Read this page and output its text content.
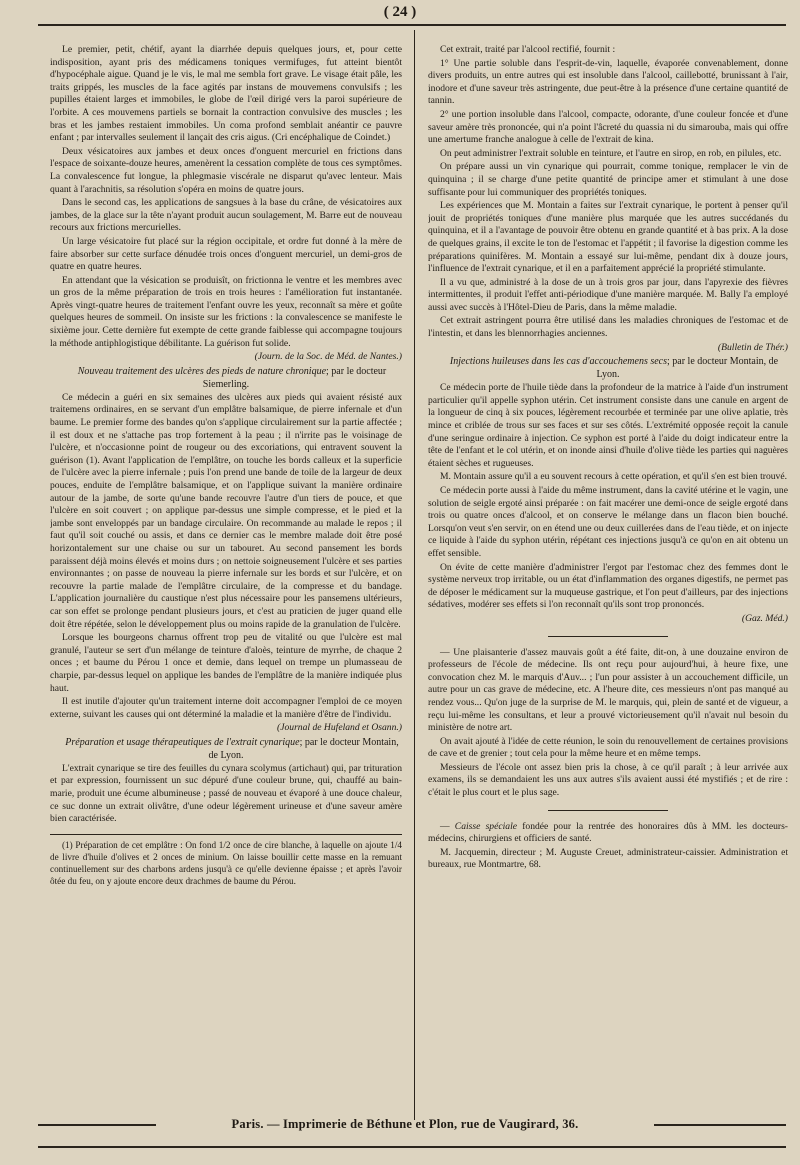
( 24 )

Le premier, petit, chétif, ayant la diarrhée depuis quelques jours, et, pour cette indisposition, ayant pris des médicamens toniques vermifuges, fut atteint bientôt d'hypocéphale aigue. Quand je le vis, le mal me sembla fort grave. Le visage était pâle, les traits grippés, les muscles de la face agités par instans de mouvemens convulsifs ; les pupilles étaient larges et immobiles, le globe de l'œil dirigé vers la paroi supérieure de l'orbite. A ces mouvemens partiels se bornait la contraction convulsive des muscles ; les bras et les jambes restaient immobiles. Un coma profond semblait anéantir ce pauvre enfant ; par intervalles seulement il lançait des cris aigus. (Cri encéphalique de Coindet.)

Deux vésicatoires aux jambes et deux onces d'onguent mercuriel en frictions dans l'espace de soixante-douze heures, amenèrent la cessation complète de tous ces symptômes. La convalescence fut longue, la phlegmasie viscérale ne disparut qu'avec lenteur. Mais quant à l'arachnitis, sa résolution s'opéra en moins de quatre jours.

Dans le second cas, les applications de sangsues à la base du crâne, de vésicatoires aux jambes, de la glace sur la tête n'ayant produit aucun soulagement, M. Barre eut de nouveau recours aux frictions mercurielles.

Un large vésicatoire fut placé sur la région occipitale, et ordre fut donné à la mère de faire absorber sur cette surface dénudée trois onces d'onguent mercuriel, un demi-gros de quatre en quatre heures.

En attendant que la vésication se produisît, on frictionna le ventre et les membres avec un gros de la même préparation de trois en trois heures : l'amélioration fut instantanée. Après vingt-quatre heures de traitement l'enfant ouvre les yeux, reconnaît sa mère et goûte quelques heures de sommeil. On insiste sur les frictions : la convalescence se manifeste le sixième jour. Cette dernière fut exempte de cette grande faiblesse qui accompagne toujours la méthode antiphlogistique débilitante. La guérison fut solide.

(Journ. de la Soc. de Méd. de Nantes.)

Nouveau traitement des ulcères des pieds de nature chronique; par le docteur Siemerling.

Ce médecin a guéri en six semaines des ulcères aux pieds qui avaient résisté aux traitemens ordinaires, en se servant d'un emplâtre balsamique, de pierre infernale et d'un baume. Le premier forme des bandes qu'on s'applique circulairement sur la partie affectée ; il est doux et ne s'attache pas trop fortement à la peau ; il n'irrite pas le voisinage de l'ulcère, et n'occasionne point de rougeur ou des excoriations, qui entravent souvent la guérison (1). Avant l'application de l'emplâtre, on touche les bords calleux et la superficie de l'ulcère avec la pierre infernale ; puis l'on prend une bande de toile de la largeur de deux pouces, enduite de l'emplâtre balsamique, et on l'applique suivant la manière ordinaire autour de la jambe, de sorte qu'une bande recouvre l'autre d'un tiers de pouce, et que l'ulcère en soit couvert ; on applique par-dessus une simple compresse, et le pied et la jambe sont enveloppés par un bandage circulaire. On recommande au malade le repos ; il faut qu'il soit couché ou assis, et dans ce dernier cas le membre malade doit être posé horizontalement sur une chaise ou sur un tabouret. Au second pansement les bords paraissent déjà moins élevés et moins durs ; on nettoie soigneusement l'ulcère et ses parties environnantes ; on passe de nouveau la pierre infernale sur les bords et sur l'ulcère, et on recouvre la partie malade de l'emplâtre circulaire, de la compresse et du bandage. L'application journalière du caustique n'est plus nécessaire pour les pansemens ultérieurs, car son effet se prolonge pendant plusieurs jours, et c'est au praticien de juger quand elle doit être répétée, selon le développement plus ou moins rapide de la granulation de l'ulcère.

Lorsque les bourgeons charnus offrent trop peu de vitalité ou que l'ulcère est mal granulé, l'auteur se sert d'un mélange de teinture d'aloès, teinture de myrrhe, de chaque 2 onces ; et baume du Pérou 1 once et demie, dans lequel on trempe un plumasseau de charpie, par-dessus lequel on applique les bandes de l'emplâtre de la manière indiquée plus haut.

Il est inutile d'ajouter qu'un traitement interne doit accompagner l'emploi de ce moyen externe, suivant les causes qui ont déterminé la maladie et la manière d'être de l'individu.

(Journal de Hufeland et Osann.)

Préparation et usage thérapeutiques de l'extrait cynarique; par le docteur Montain, de Lyon.

L'extrait cynarique se tire des feuilles du cynara scolymus (artichaut) qui, par trituration et par expression, fournissent un suc dépuré d'une couleur brune, qui, chauffé au bain-marie, produit une écume albumineuse ; passé de nouveau et évaporé à une douce chaleur, ce suc donne un extrait olivâtre, d'une odeur légèrement urineuse et d'une saveur amère bien caractérisée.

(1) Préparation de cet emplâtre : On fond 1/2 once de cire blanche, à laquelle on ajoute 1/4 de livre d'huile d'olives et 2 onces de minium. On laisse bouillir cette masse en la remuant continuellement sur des charbons ardens jusqu'à ce qu'elle devienne épaisse ; et après l'avoir ôtée du feu, on y ajoute encore deux drachmes de baume du Pérou.

Cet extrait, traité par l'alcool rectifié, fournit :

1° Une partie soluble dans l'esprit-de-vin, laquelle, évaporée convenablement, donne divers produits, un entre autres qui est insoluble dans l'alcool, caillebotté, brunissant à l'air, inodore et d'une saveur très astringente, due peut-être à la présence d'une certaine quantité de tannin.

2° une portion insoluble dans l'alcool, compacte, odorante, d'une couleur foncée et d'une saveur amère très prononcée, qui n'a point l'âcreté du quassia ni du simarouba, mais qui offre une amertume franche analogue à celle de l'extrait de kina.

On peut administrer l'extrait soluble en teinture, et l'autre en sirop, en rob, en pilules, etc.

On prépare aussi un vin cynarique qui pourrait, comme tonique, remplacer le vin de quinquina ; il se charge d'une petite quantité de principe amer et stimulant à une dose suffisante pour lui communiquer des propriétés toniques.

Les expériences que M. Montain a faites sur l'extrait cynarique, le portent à penser qu'il jouit de propriétés toniques d'une manière plus marquée que les autres succédanés du quinquina, et il a l'avantage de pouvoir être obtenu en grande quantité et à bas prix. A la dose de quelques grains, il excite le ton de l'estomac et l'appétit ; il favorise la digestion comme les préparations quinifères. M. Montain a essayé sur lui-même, pendant dix à douze jours, l'influence de l'extrait cynarique, et il en a parfaitement apprécié la propriété stimulante.

Il a vu que, administré à la dose de un à trois gros par jour, dans l'apyrexie des fièvres intermittentes, il produit l'effet anti-périodique d'une manière marquée. M. Bally l'a employé aussi avec succès à l'Hôtel-Dieu de Paris, dans la même maladie.

Cet extrait astringent pourra être utilisé dans les maladies chroniques de l'estomac et de l'intestin, et dans les blennorrhagies anciennes.

(Bulletin de Thér.)

Injections huileuses dans les cas d'accouchemens secs; par le docteur Montain, de Lyon.

Ce médecin porte de l'huile tiède dans la profondeur de la matrice à l'aide d'un instrument particulier qu'il appelle syphon utérin. Cet instrument consiste dans une canule en argent de la longueur de cinq à six pouces, légèrement recourbée et terminée par une olive aplatie, très mince et criblée de trous sur ses faces et sur ses côtés. L'extrémité opposée reçoit la canule d'une seringue ordinaire à injection. Ce syphon est porté à l'aide du doigt indicateur entre la tête de l'enfant et le col utérin, et on inonde ainsi d'huile d'olive tiède les parties qui naguères étaient sèches et rugueuses.

M. Montain assure qu'il a eu souvent recours à cette opération, et qu'il s'en est bien trouvé.

Ce médecin porte aussi à l'aide du même instrument, dans la cavité utérine et le vagin, une solution de seigle ergoté ainsi préparée : on fait macérer une demi-once de seigle ergoté dans trois ou quatre onces d'alcool, et on conserve le mélange dans un flacon bien bouché. Lorsqu'on veut s'en servir, on en étend une ou deux cuillerées dans de l'eau tiède, et on injecte ce liquide à l'aide du syphon utérin, répétant ces injections jusqu'à ce qu'on en ait obtenu un effet sensible.

On évite de cette manière d'administrer l'ergot par l'estomac chez des femmes dont le système nerveux trop irritable, ou un état d'inflammation des organes digestifs, ne permet pas de déposer le médicament sur la muqueuse gastrique, et l'on peut d'ailleurs, par des injections sédatives, modérer ses effets si l'on reconnaît qu'ils sont trop prononcés.

(Gaz. Méd.)

— Une plaisanterie d'assez mauvais goût a été faite, dit-on, à une douzaine environ de professeurs de l'école de médecine. Ils ont reçu pour aujourd'hui, à heure fixe, une convocation chez M. le marquis d'Auv... ; l'un pour assister à un accouchement difficile, un autre pour un cas grave de médecine, etc. A l'heure dite, ces messieurs n'ont pas manqué au rendez vous... Qu'on juge de la surprise de M. le marquis, qui, plein de santé et de vigueur, a reçu lui-même les consultans, et leur a prouvé victorieusement qu'il n'avait nul besoin du ministère de notre art.

On avait ajouté à l'idée de cette réunion, le soin du renouvellement de certaines provisions de cave et de grenier ; tout cela pour la même heure et en même temps.

Messieurs de l'école ont assez bien pris la chose, à ce qu'il paraît ; à leur arrivée aux examens, ils se demandaient les uns aux autres s'ils avaient aussi été mystifiés ; et de rire : c'était le plus court et le plus sage.

— Caisse spéciale fondée pour la rentrée des honoraires dûs à MM. les docteurs-médecins, chirurgiens et officiers de santé.

M. Jacquemin, directeur ; M. Auguste Creuet, administrateur-caissier. Administration et bureaux, rue Montmartre, 68.

Paris. — Imprimerie de Béthune et Plon, rue de Vaugirard, 36.
